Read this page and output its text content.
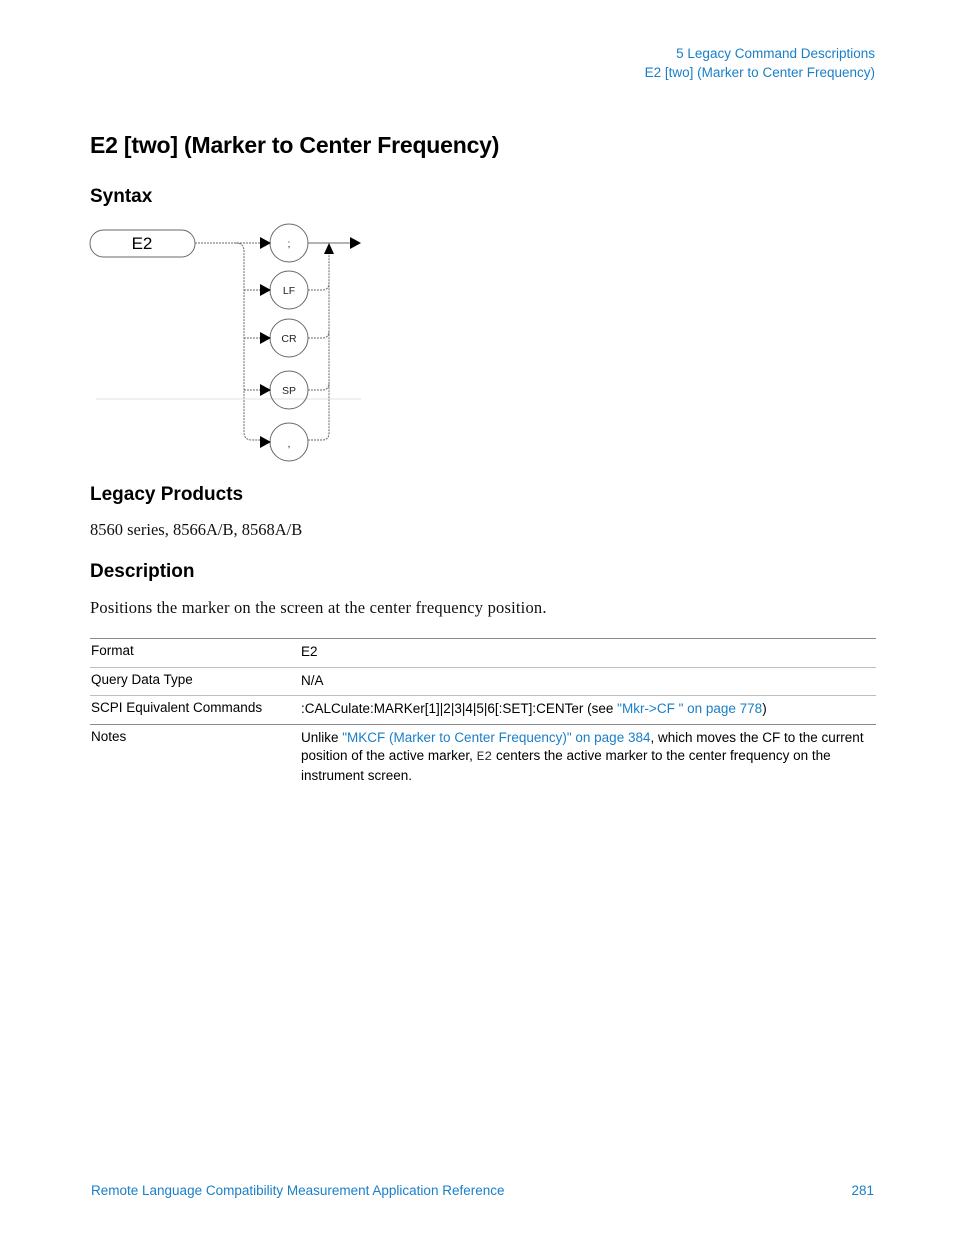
5 Legacy Command Descriptions
E2 [two] (Marker to Center Frequency)
E2 [two] (Marker to Center Frequency)
Syntax
E2	;
LF
CR
SP
,
Legacy Products

8560 series, 8566A/B, 8568A/B

Description

Positions the marker on the screen at the center frequency position.

Format	E2
Query Data Type	N/A
SCPI Equivalent Commands	:CALCulate:MARKer[1]|2|3|4|5|6[:SET]:CENTer (see "Mkr->CF " on page 778)
Notes	Unlike "MKCF (Marker to Center Frequency)" on page 384, which moves the CF to the current position of the active marker, E2 centers the active marker to the center frequency on the instrument screen.
Remote Language Compatibility Measurement Application Reference	281
